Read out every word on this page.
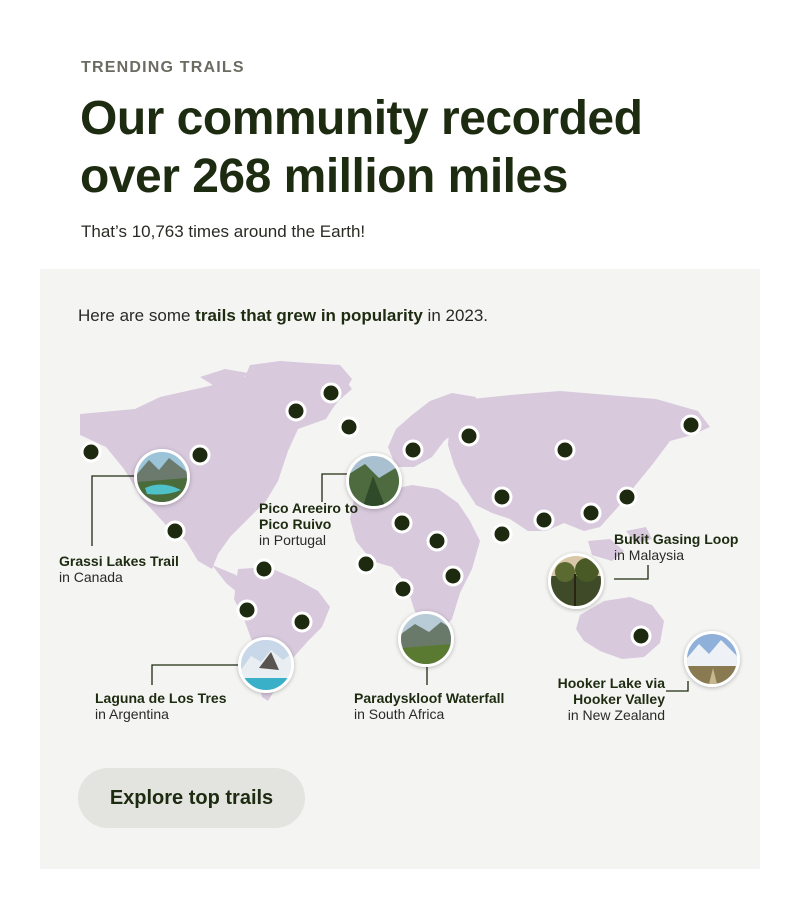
TRENDING TRAILS
Our community recorded over 268 million miles
That’s 10,763 times around the Earth!
Here are some trails that grew in popularity in 2023.
Grassi Lakes Trail
in Canada
Pico Areeiro to Pico Ruivo
in Portugal	Bukit Gasing Loop
in Malaysia
Laguna de Los Tres
in Argentina
Paradyskloof Waterfall
in South Africa
Hooker Lake via Hooker Valley
in New Zealand
Explore top trails
